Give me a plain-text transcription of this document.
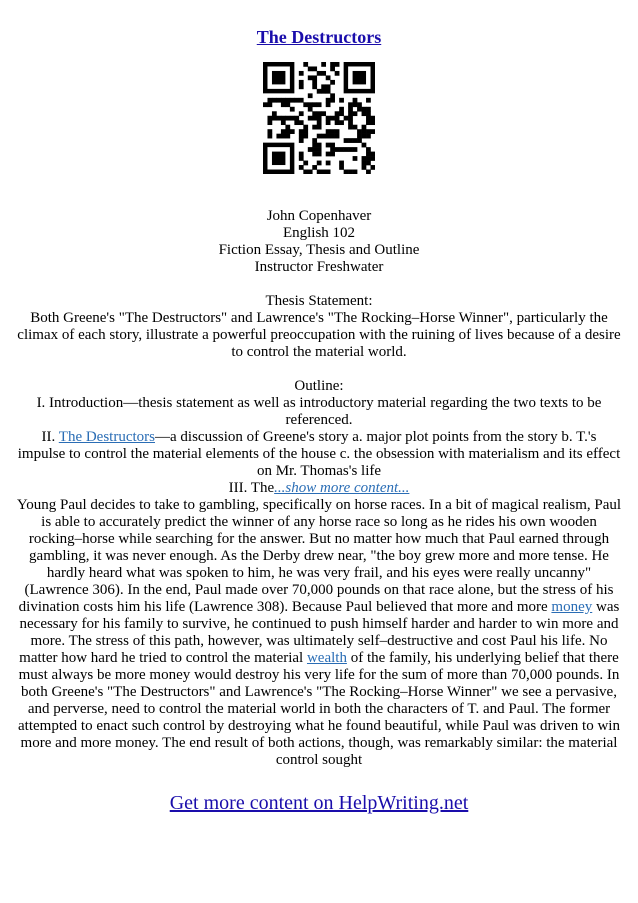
The Destructors
John Copenhaver
English 102
Fiction Essay, Thesis and Outline
Instructor Freshwater
Thesis Statement:

Both Greene's "The Destructors" and Lawrence's "The Rocking–Horse Winner", particularly the climax of each story, illustrate a powerful preoccupation with the ruining of lives because of a desire to control the material world.

Outline:

I. Introduction—thesis statement as well as introductory material regarding the two texts to be referenced.

II. The Destructors—a discussion of Greene's story a. major plot points from the story b. T.'s impulse to control the material elements of the house c. the obsession with materialism and its effect on Mr. Thomas's life

III. The...show more content...

Young Paul decides to take to gambling, specifically on horse races. In a bit of magical realism, Paul is able to accurately predict the winner of any horse race so long as he rides his own wooden rocking–horse while searching for the answer. But no matter how much that Paul earned through gambling, it was never enough. As the Derby drew near, "the boy grew more and more tense. He hardly heard what was spoken to him, he was very frail, and his eyes were really uncanny" (Lawrence 306). In the end, Paul made over 70,000 pounds on that race alone, but the stress of his divination costs him his life (Lawrence 308). Because Paul believed that more and more money was necessary for his family to survive, he continued to push himself harder and harder to win more and more. The stress of this path, however, was ultimately self–destructive and cost Paul his life. No matter how hard he tried to control the material wealth of the family, his underlying belief that there must always be more money would destroy his very life for the sum of more than 70,000 pounds. In both Greene's "The Destructors" and Lawrence's "The Rocking–Horse Winner" we see a pervasive, and perverse, need to control the material world in both the characters of T. and Paul. The former attempted to enact such control by destroying what he found beautiful, while Paul was driven to win more and more money. The end result of both actions, though, was remarkably similar: the material control sought

Get more content on HelpWriting.net
